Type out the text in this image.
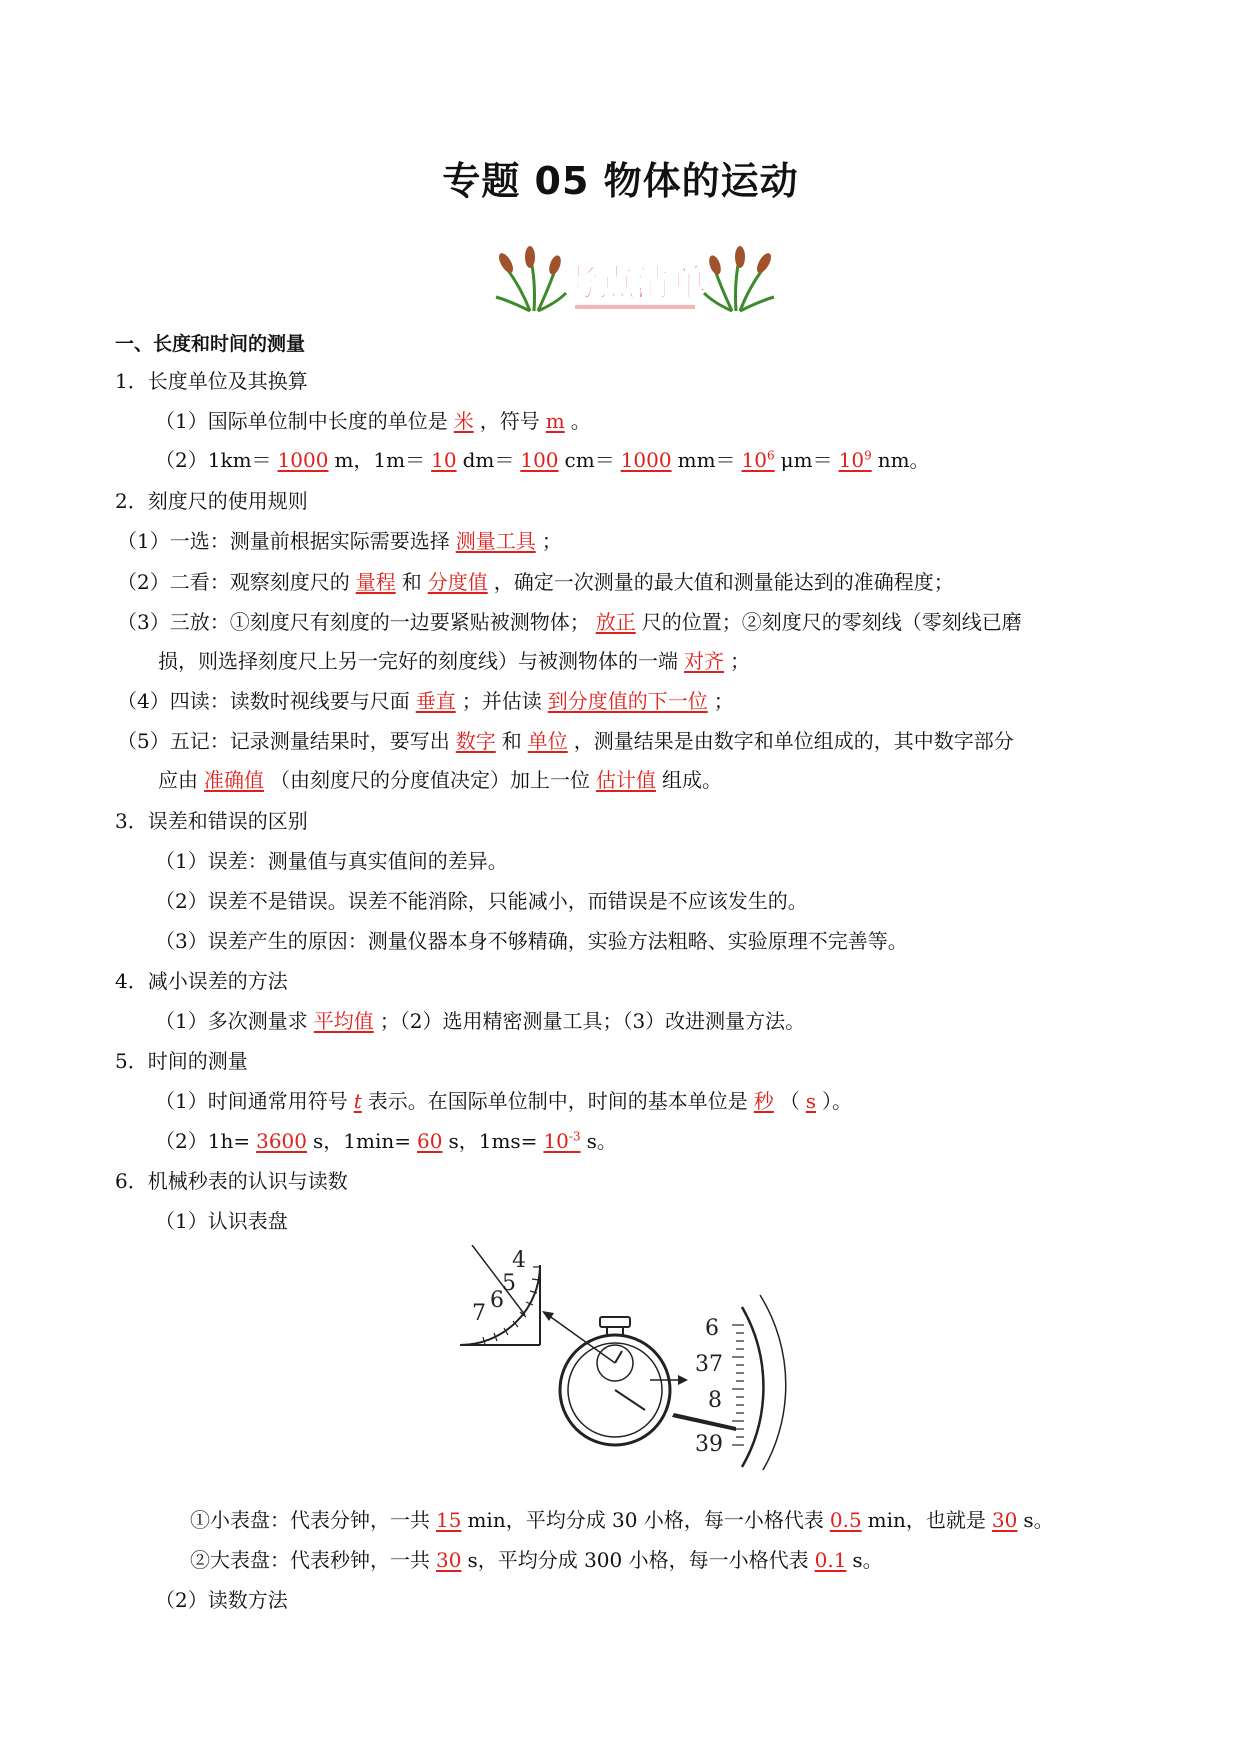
专题 05 物体的运动
考点清单
一、长度和时间的测量
1．长度单位及其换算
（1）国际单位制中长度的单位是 米 ，符号 m 。
（2）1km＝ 1000 m，1m＝ 10 dm＝ 100 cm＝ 1000 $mm= 10^6$ $\mu m= 10^9$ nm。
2．刻度尺的使用规则
（1）一选：测量前根据实际需要选择 测量工具 ；
（2）二看：观察刻度尺的 量程 和 分度值 ，确定一次测量的最大值和测量能达到的准确程度；
（3）三放：①刻度尺有刻度的一边要紧贴被测物体； 放正 尺的位置；②刻度尺的零刻线（零刻线已磨
损，则选择刻度尺上另一完好的刻度线）与被测物体的一端 对齐 ；
（4）四读：读数时视线要与尺面 垂直 ；并估读 到分度值的下一位 ；
（5）五记：记录测量结果时，要写出 数字 和 单位 ，测量结果是由数字和单位组成的，其中数字部分
应由 准确值 （由刻度尺的分度值决定）加上一位 估计值 组成。
3．误差和错误的区别
（1）误差：测量值与真实值间的差异。
（2）误差不是错误。误差不能消除，只能减小，而错误是不应该发生的。
（3）误差产生的原因：测量仪器本身不够精确，实验方法粗略、实验原理不完善等。
4．减小误差的方法
（1）多次测量求 平均值 ；（2）选用精密测量工具；（3）改进测量方法。
5．时间的测量
（1）时间通常用符号 t 表示。在国际单位制中，时间的基本单位是 秒 （ s ）。
（2）1h= 3600 s，1min= 60 s，$1ms= 10^{-3}$ s。
6．机械秒表的认识与读数
（1）认识表盘
4
5
6
7
6
37
8
39
①小表盘：代表分钟，一共 15 min，平均分成 30 小格，每一小格代表 0.5 min，也就是 30 s。
②大表盘：代表秒钟，一共 30 s，平均分成 300 小格，每一小格代表 0.1 s。
（2）读数方法
